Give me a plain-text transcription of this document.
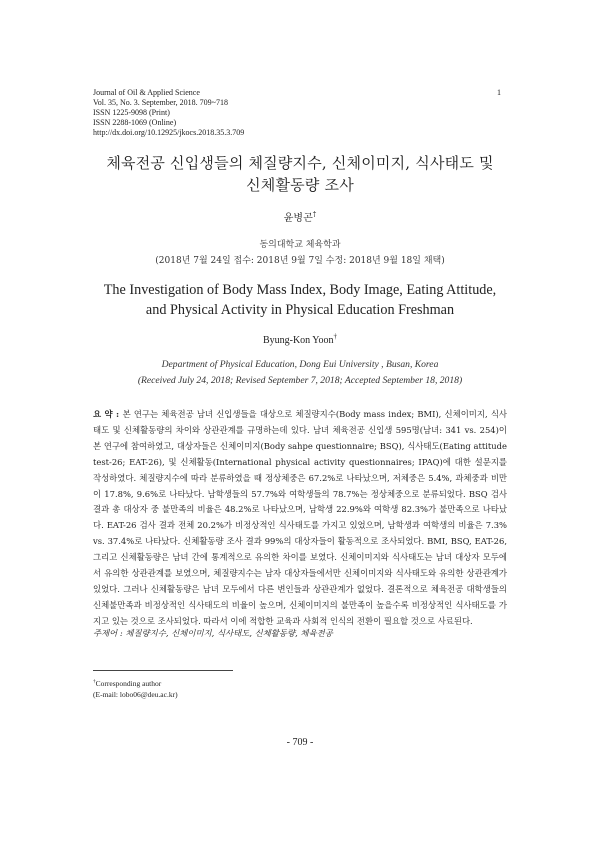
Journal of Oil & Applied Science
Vol. 35, No. 3. September, 2018. 709~718
ISSN 1225-9098 (Print)
ISSN 2288-1069 (Online)
http://dx.doi.org/10.12925/jkocs.2018.35.3.709
1
체육전공 신입생들의 체질량지수, 신체이미지, 식사태도 및
신체활동량 조사
윤병곤†
동의대학교 체육학과
(2018년 7월 24일 접수: 2018년 9월 7일 수정: 2018년 9월 18일 채택)
The Investigation of Body Mass Index, Body Image, Eating Attitude,
and Physical Activity in Physical Education Freshman
Byung-Kon Yoon†
Department of Physical Education, Dong Eui University , Busan, Korea
(Received July 24, 2018; Revised September 7, 2018; Accepted September 18, 2018)
요 약 : 본 연구는 체육전공 남녀 신입생들을 대상으로 체질량지수(Body mass index; BMI), 신체이미지, 식사태도 및 신체활동량의 차이와 상관관계를 규명하는데 있다. 남녀 체육전공 신입생 595명(남녀: 341 vs. 254)이 본 연구에 참여하였고, 대상자들은 신체이미지(Body sahpe questionnaire; BSQ), 식사태도(Eating attitude test-26; EAT-26), 및 신체활동(International physical activity questionnaires; IPAQ)에 대한 설문지를 작성하였다. 체질량지수에 따라 분류하였을 때 정상체중은 67.2%로 나타났으며, 저체중은 5.4%, 과체중과 비만이 17.8%, 9.6%로 나타났다. 남학생들의 57.7%와 여학생들의 78.7%는 정상체중으로 분류되었다. BSQ 검사 결과 총 대상자 중 불만족의 비율은 48.2%로 나타났으며, 남학생 22.9%와 여학생 82.3%가 불만족으로 나타났다. EAT-26 검사 결과 전체 20.2%가 비정상적인 식사태도를 가지고 있었으며, 남학생과 여학생의 비율은 7.3% vs. 37.4%로 나타났다. 신체활동량 조사 결과 99%의 대상자들이 활동적으로 조사되었다. BMI, BSQ, EAT-26, 그리고 신체활동량은 남녀 간에 통계적으로 유의한 차이를 보였다. 신체이미지와 식사태도는 남녀 대상자 모두에서 유의한 상관관계를 보였으며, 체질량지수는 남자 대상자들에서만 신체이미지와 식사태도와 유의한 상관관계가 있었다. 그러나 신체활동량은 남녀 모두에서 다른 변인들과 상관관계가 없었다. 결론적으로 체육전공 대학생들의 신체불만족과 비정상적인 식사태도의 비율이 높으며, 신체이미지의 불만족이 높을수록 비정상적인 식사태도를 가지고 있는 것으로 조사되었다. 따라서 이에 적합한 교육과 사회적 인식의 전환이 필요할 것으로 사료된다.
주제어 : 체질량지수, 신체이미지, 식사태도, 신체활동량, 체육전공
†Corresponding author
(E-mail: lobo06@deu.ac.kr)
- 709 -
